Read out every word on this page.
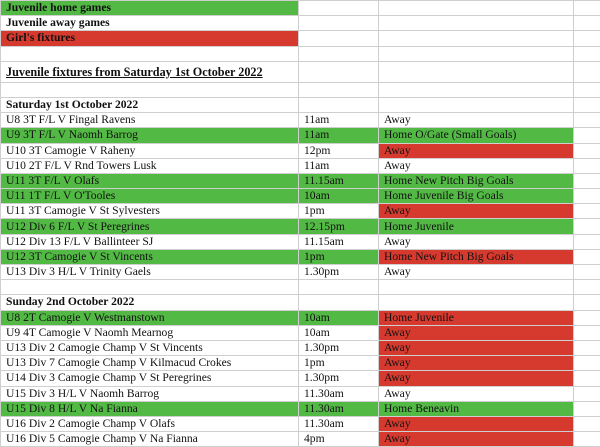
Juvenile home games			
Juvenile away games			
Girl's fixtures			

Juvenile fixtures from Saturday 1st October 2022			

Saturday 1st October 2022			
U8 3T F/L V Fingal Ravens	11am	Away	
U9 3T F/L V Naomh Barrog	11am	Home O/Gate (Small Goals)	
U10 3T Camogie V Raheny	12pm	Away	
U10 2T F/L V Rnd Towers Lusk	11am	Away	
U11 3T F/L V Olafs	11.15am	Home New Pitch Big Goals	
U11 1T F/L V O'Tooles	10am	Home Juvenile Big Goals	
U11 3T Camogie V St Sylvesters	1pm	Away	
U12 Div 6 F/L V St Peregrines	12.15pm	Home Juvenile	
U12 Div 13 F/L V Ballinteer SJ	11.15am	Away	
U12 3T Camogie V St Vincents	1pm	Home New Pitch Big Goals	
U13 Div 3 H/L V Trinity Gaels	1.30pm	Away	

Sunday 2nd October 2022			
U8 2T Camogie V Westmanstown	10am	Home Juvenile	
U9 4T Camogie V Naomh Mearnog	10am	Away	
U13 Div 2 Camogie Champ V St Vincents	1.30pm	Away	
U13 Div 7 Camogie Champ V Kilmacud Crokes	1pm	Away	
U14 Div 3 Camogie Champ V St Peregrines	1.30pm	Away	
U15 Div 3 H/L V Naomh Barrog	11.30am	Away	
U15 Div 8 H/L V Na Fianna	11.30am	Home Beneavin	
U16 Div 2 Camogie Champ V Olafs	11.30am	Away	
U16 Div 5 Camogie Champ V Na Fianna	4pm	Away	
